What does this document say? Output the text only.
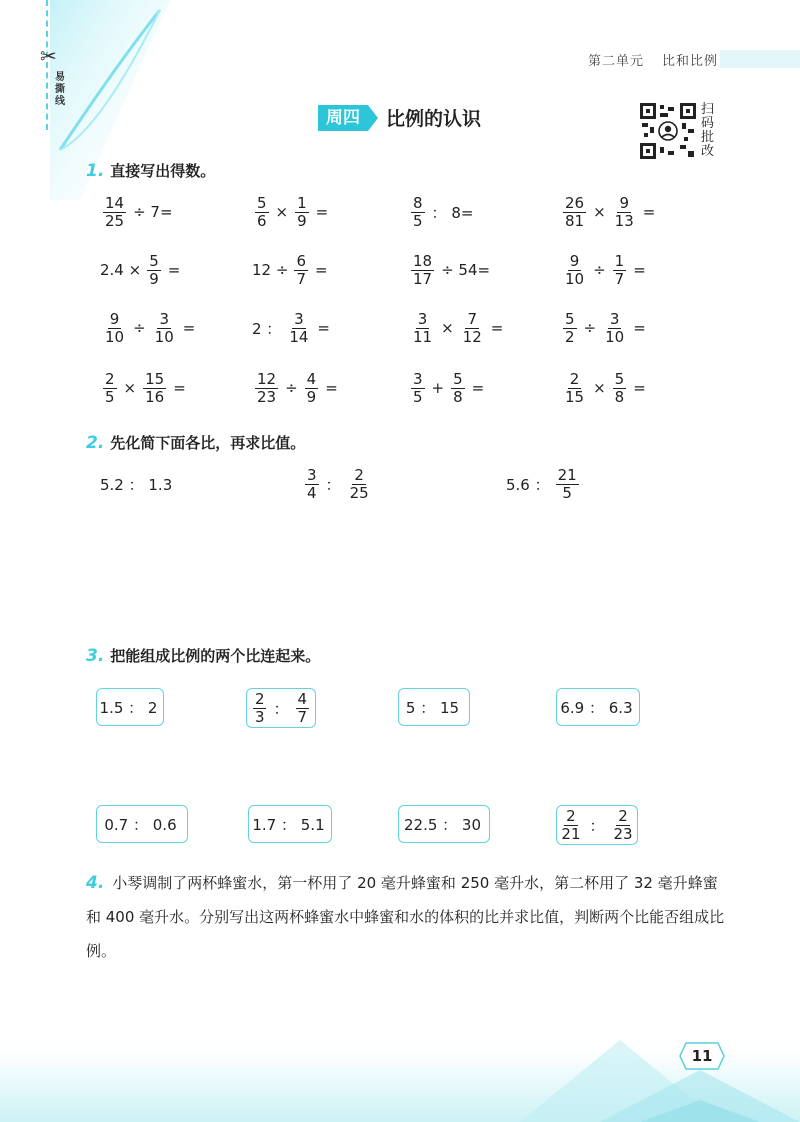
✂
易撕线
第二单元 比和比例
周四	比例的认识	扫码批改
1. 直接写出得数。
$\frac{14}{25} \div 7=$	$\frac{5}{6} \times \frac{1}{9}$ =	$\frac{8}{5}$ ： 8=	$\frac{26}{81} \times \frac{9}{13}$ =
$2.4 \times \frac{5}{9}$ =	$12 \div \frac{6}{7}$ =	$\frac{18}{17} \div 54=$	$\frac{9}{10} \div \frac{1}{7}$ =
$\frac{9}{10} \div \frac{3}{10}$ =	2 ： $\frac{3}{14}$ =	$\frac{3}{11} \times \frac{7}{12}$ =	$\frac{5}{2} \div \frac{3}{10}$ =
$\frac{2}{5} \times \frac{15}{16}$ =	$\frac{12}{23} \div \frac{4}{9}$ =	$\frac{3}{5} + \frac{5}{8}$ =	$\frac{2}{15} \times \frac{5}{8}$ =
2. 先化简下面各比，再求比值。
5.2 ： 1.3	$\frac{3}{4}$ ： $\frac{2}{25}$	5.6 ： $\frac{21}{5}$
3. 把能组成比例的两个比连起来。
1.5 ： 2	$\frac{2}{3}$ ： $\frac{4}{7}$	5 ： 15	6.9 ： 6.3
0.7 ： 0.6	1.7 ： 5.1	22.5 ： 30	$\frac{2}{21}$ ： $\frac{2}{23}$
4. 小琴调制了两杯蜂蜜水，第一杯用了 20 毫升蜂蜜和 250 毫升水，第二杯用了 32 毫升蜂蜜和 400 毫升水。分别写出这两杯蜂蜜水中蜂蜜和水的体积的比并求比值，判断两个比能否组成比例。
11
